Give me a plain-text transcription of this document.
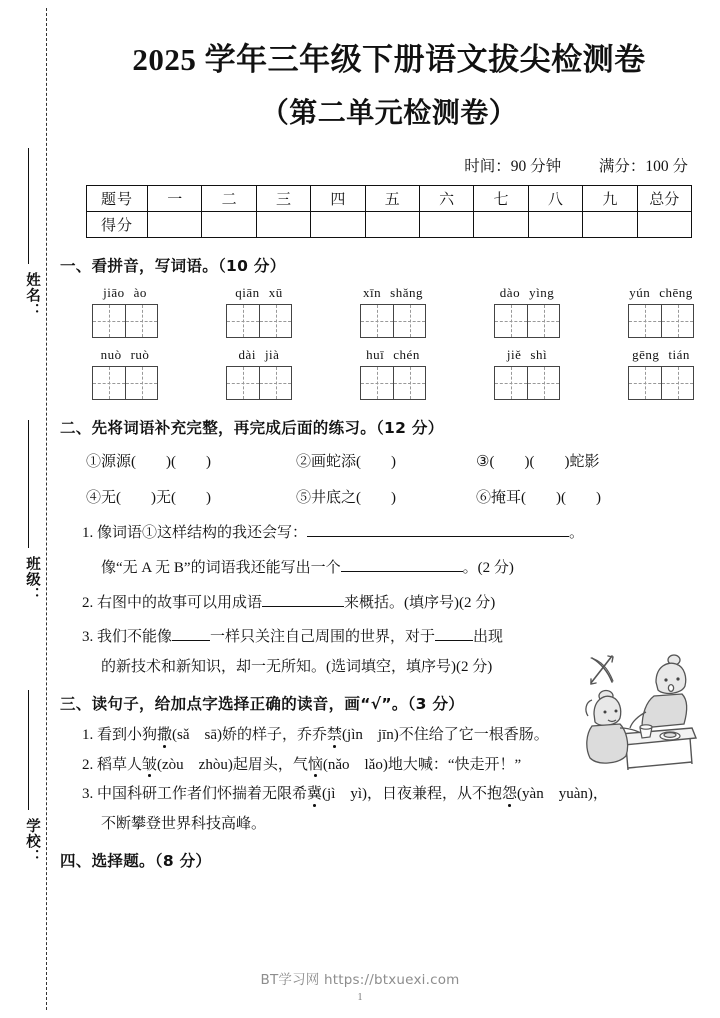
姓名：
班级：
学校：
2025 学年三年级下册语文拔尖检测卷
（第二单元检测卷）
时间：90 分钟 满分：100 分
题号	一	二	三	四	五	六	七	八	九	总分
得分										
一、看拼音，写词语。（10 分）
jiāo ào	qiān xū	xīn shǎng	dào yìng	yún chēng
nuò ruò	dài jià	huī chén	jiě shì	gēng tián
二、先将词语补充完整，再完成后面的练习。（12 分）
①源源( )( )	②画蛇添( )	③( )( )蛇影
④无( )无( )	⑤井底之( )	⑥掩耳( )( )
1. 像词语①这样结构的我还会写：	。
像“无 A 无 B”的词语我还能写出一个	。(2 分)
2. 右图中的故事可以用成语	来概括。(填序号)(2 分)
3. 我们不能像	一样只关注自己周围的世界，对于	出现
的新技术和新知识，却一无所知。(选词填空，填序号)(2 分)
三、读句子，给加点字选择正确的读音，画“√”。（3 分）
1. 看到小狗撒(sǎ sā)娇的样子，乔乔禁(jìn jīn)不住给了它一根香肠。
2. 稻草人皱(zòu zhòu)起眉头，气恼(nǎo lǎo)地大喊：“快走开！”
3. 中国科研工作者们怀揣着无限希冀(jì yì)，日夜兼程，从不抱怨(yàn yuàn)，
不断攀登世界科技高峰。
四、选择题。（8 分）
BT学习网 https://btxuexi.com
1
